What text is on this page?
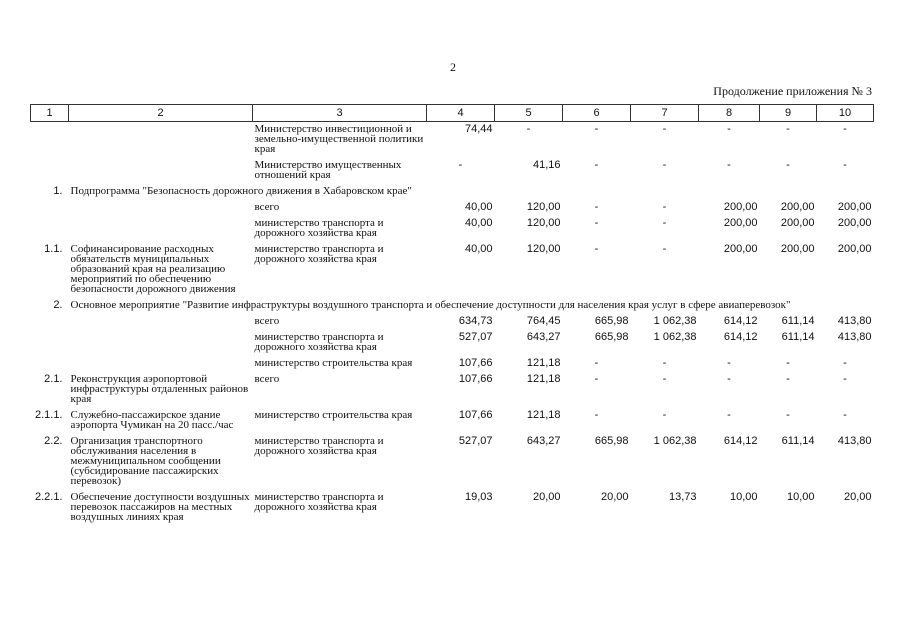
2
Продолжение приложения № 3
1	2	3	4	5	6	7	8	9	10
		Министерство инвестиционной и земельно-имущественной политики края	74,44	-	-	-	-	-	-
		Министерство имущественных отношений края	-	41,16	-	-	-	-	-
1.	Подпрограмма "Безопасность дорожного движения в Хабаровском крае"								
		всего	40,00	120,00	-	-	200,00	200,00	200,00
		министерство транспорта и дорожного хозяйства края	40,00	120,00	-	-	200,00	200,00	200,00
1.1.	Софинансирование расходных обязательств муниципальных образований края на реализацию мероприятий по обеспечению безопасности дорожного движения	министерство транспорта и дорожного хозяйства края	40,00	120,00	-	-	200,00	200,00	200,00
2.	Основное мероприятие "Развитие инфраструктуры воздушного транспорта и обеспечение доступности для населения края услуг в сфере авиаперевозок"								
		всего	634,73	764,45	665,98	1 062,38	614,12	611,14	413,80
		министерство транспорта и дорожного хозяйства края	527,07	643,27	665,98	1 062,38	614,12	611,14	413,80
		министерство строительства края	107,66	121,18	-	-	-	-	-
2.1.	Реконструкция аэропортовой инфраструктуры отдаленных районов края	всего	107,66	121,18	-	-	-	-	-
2.1.1.	Служебно-пассажирское здание аэропорта Чумикан на 20 пасс./час	министерство строительства края	107,66	121,18	-	-	-	-	-
2.2.	Организация транспортного обслуживания населения в межмуниципальном сообщении (субсидирование пассажирских перевозок)	министерство транспорта и дорожного хозяйства края	527,07	643,27	665,98	1 062,38	614,12	611,14	413,80
2.2.1.	Обеспечение доступности воздушных перевозок пассажиров на местных воздушных линиях края	министерство транспорта и дорожного хозяйства края	19,03	20,00	20,00	13,73	10,00	10,00	20,00
